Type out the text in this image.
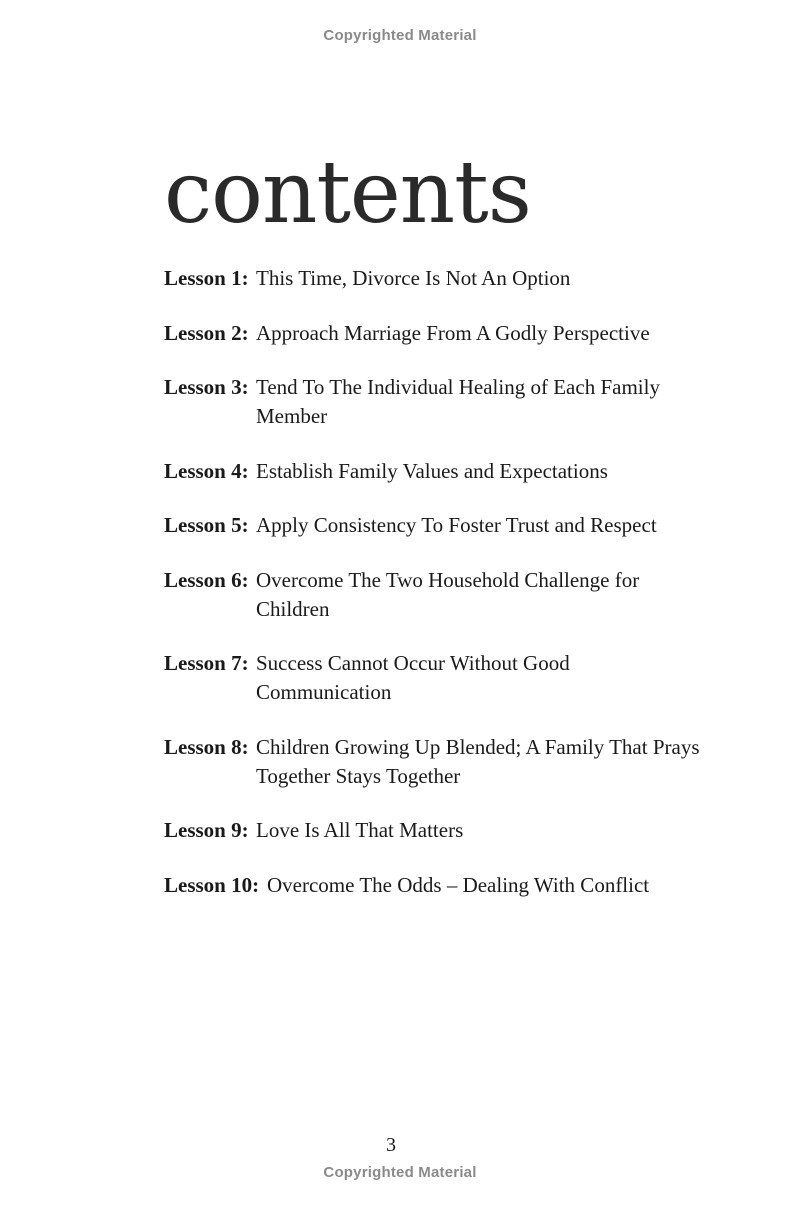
Copyrighted Material
contents
Lesson 1: This Time, Divorce Is Not An Option
Lesson 2: Approach Marriage From A Godly Perspective
Lesson 3: Tend To The Individual Healing of Each Family Member
Lesson 4: Establish Family Values and Expectations
Lesson 5: Apply Consistency To Foster Trust and Respect
Lesson 6: Overcome The Two Household Challenge for Children
Lesson 7: Success Cannot Occur Without Good Communication
Lesson 8: Children Growing Up Blended; A Family That Prays Together Stays Together
Lesson 9: Love Is All That Matters
Lesson 10: Overcome The Odds – Dealing With Conflict
3
Copyrighted Material
